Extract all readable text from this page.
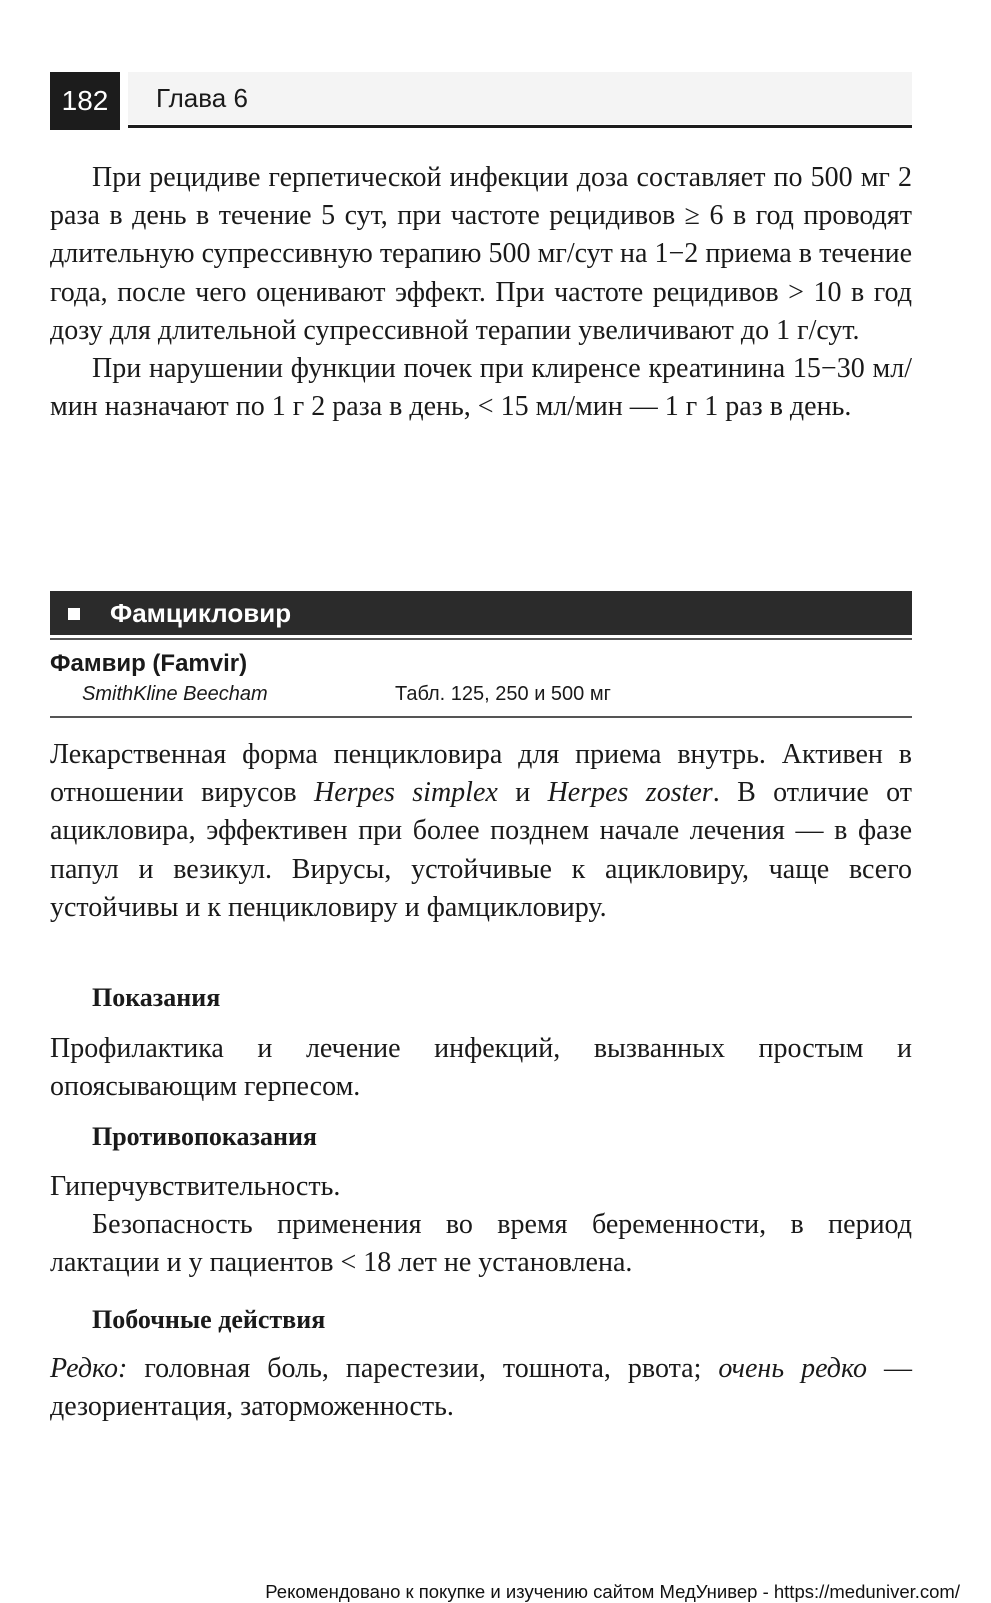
182	Глава 6

При рецидиве герпетической инфекции доза составляет по 500 мг 2 раза в день в течение 5 сут, при частоте рецидивов ≥ 6 в год проводят длительную супрессивную терапию 500 мг/сут на 1−2 приема в течение года, после чего оценивают эффект. При частоте рецидивов > 10 в год дозу для длительной супрессивной терапии увеличивают до 1 г/сут.

При нарушении функции почек при клиренсе креатинина 15−30 мл/мин назначают по 1 г 2 раза в день, < 15 мл/мин — 1 г 1 раз в день.

Фамцикловир
Фамвир (Famvir)
SmithKline Beecham	Табл. 125, 250 и 500 мг

Лекарственная форма пенцикловира для приема внутрь. Активен в отношении вирусов Herpes simplex и Herpes zoster. В отличие от ацикловира, эффективен при более позднем начале лечения — в фазе папул и везикул. Вирусы, устойчивые к ацикловиру, чаще всего устойчивы и к пенцикловиру и фамцикловиру.

Показания
Профилактика и лечение инфекций, вызванных простым и опоясывающим герпесом.
Противопоказания

Гиперчувствительность.

Безопасность применения во время беременности, в период лактации и у пациентов < 18 лет не установлена.

Побочные действия

Редко: головная боль, парестезии, тошнота, рвота; очень редко — дезориентация, заторможенность.

Рекомендовано к покупке и изучению сайтом МедУнивер - https://meduniver.com/
